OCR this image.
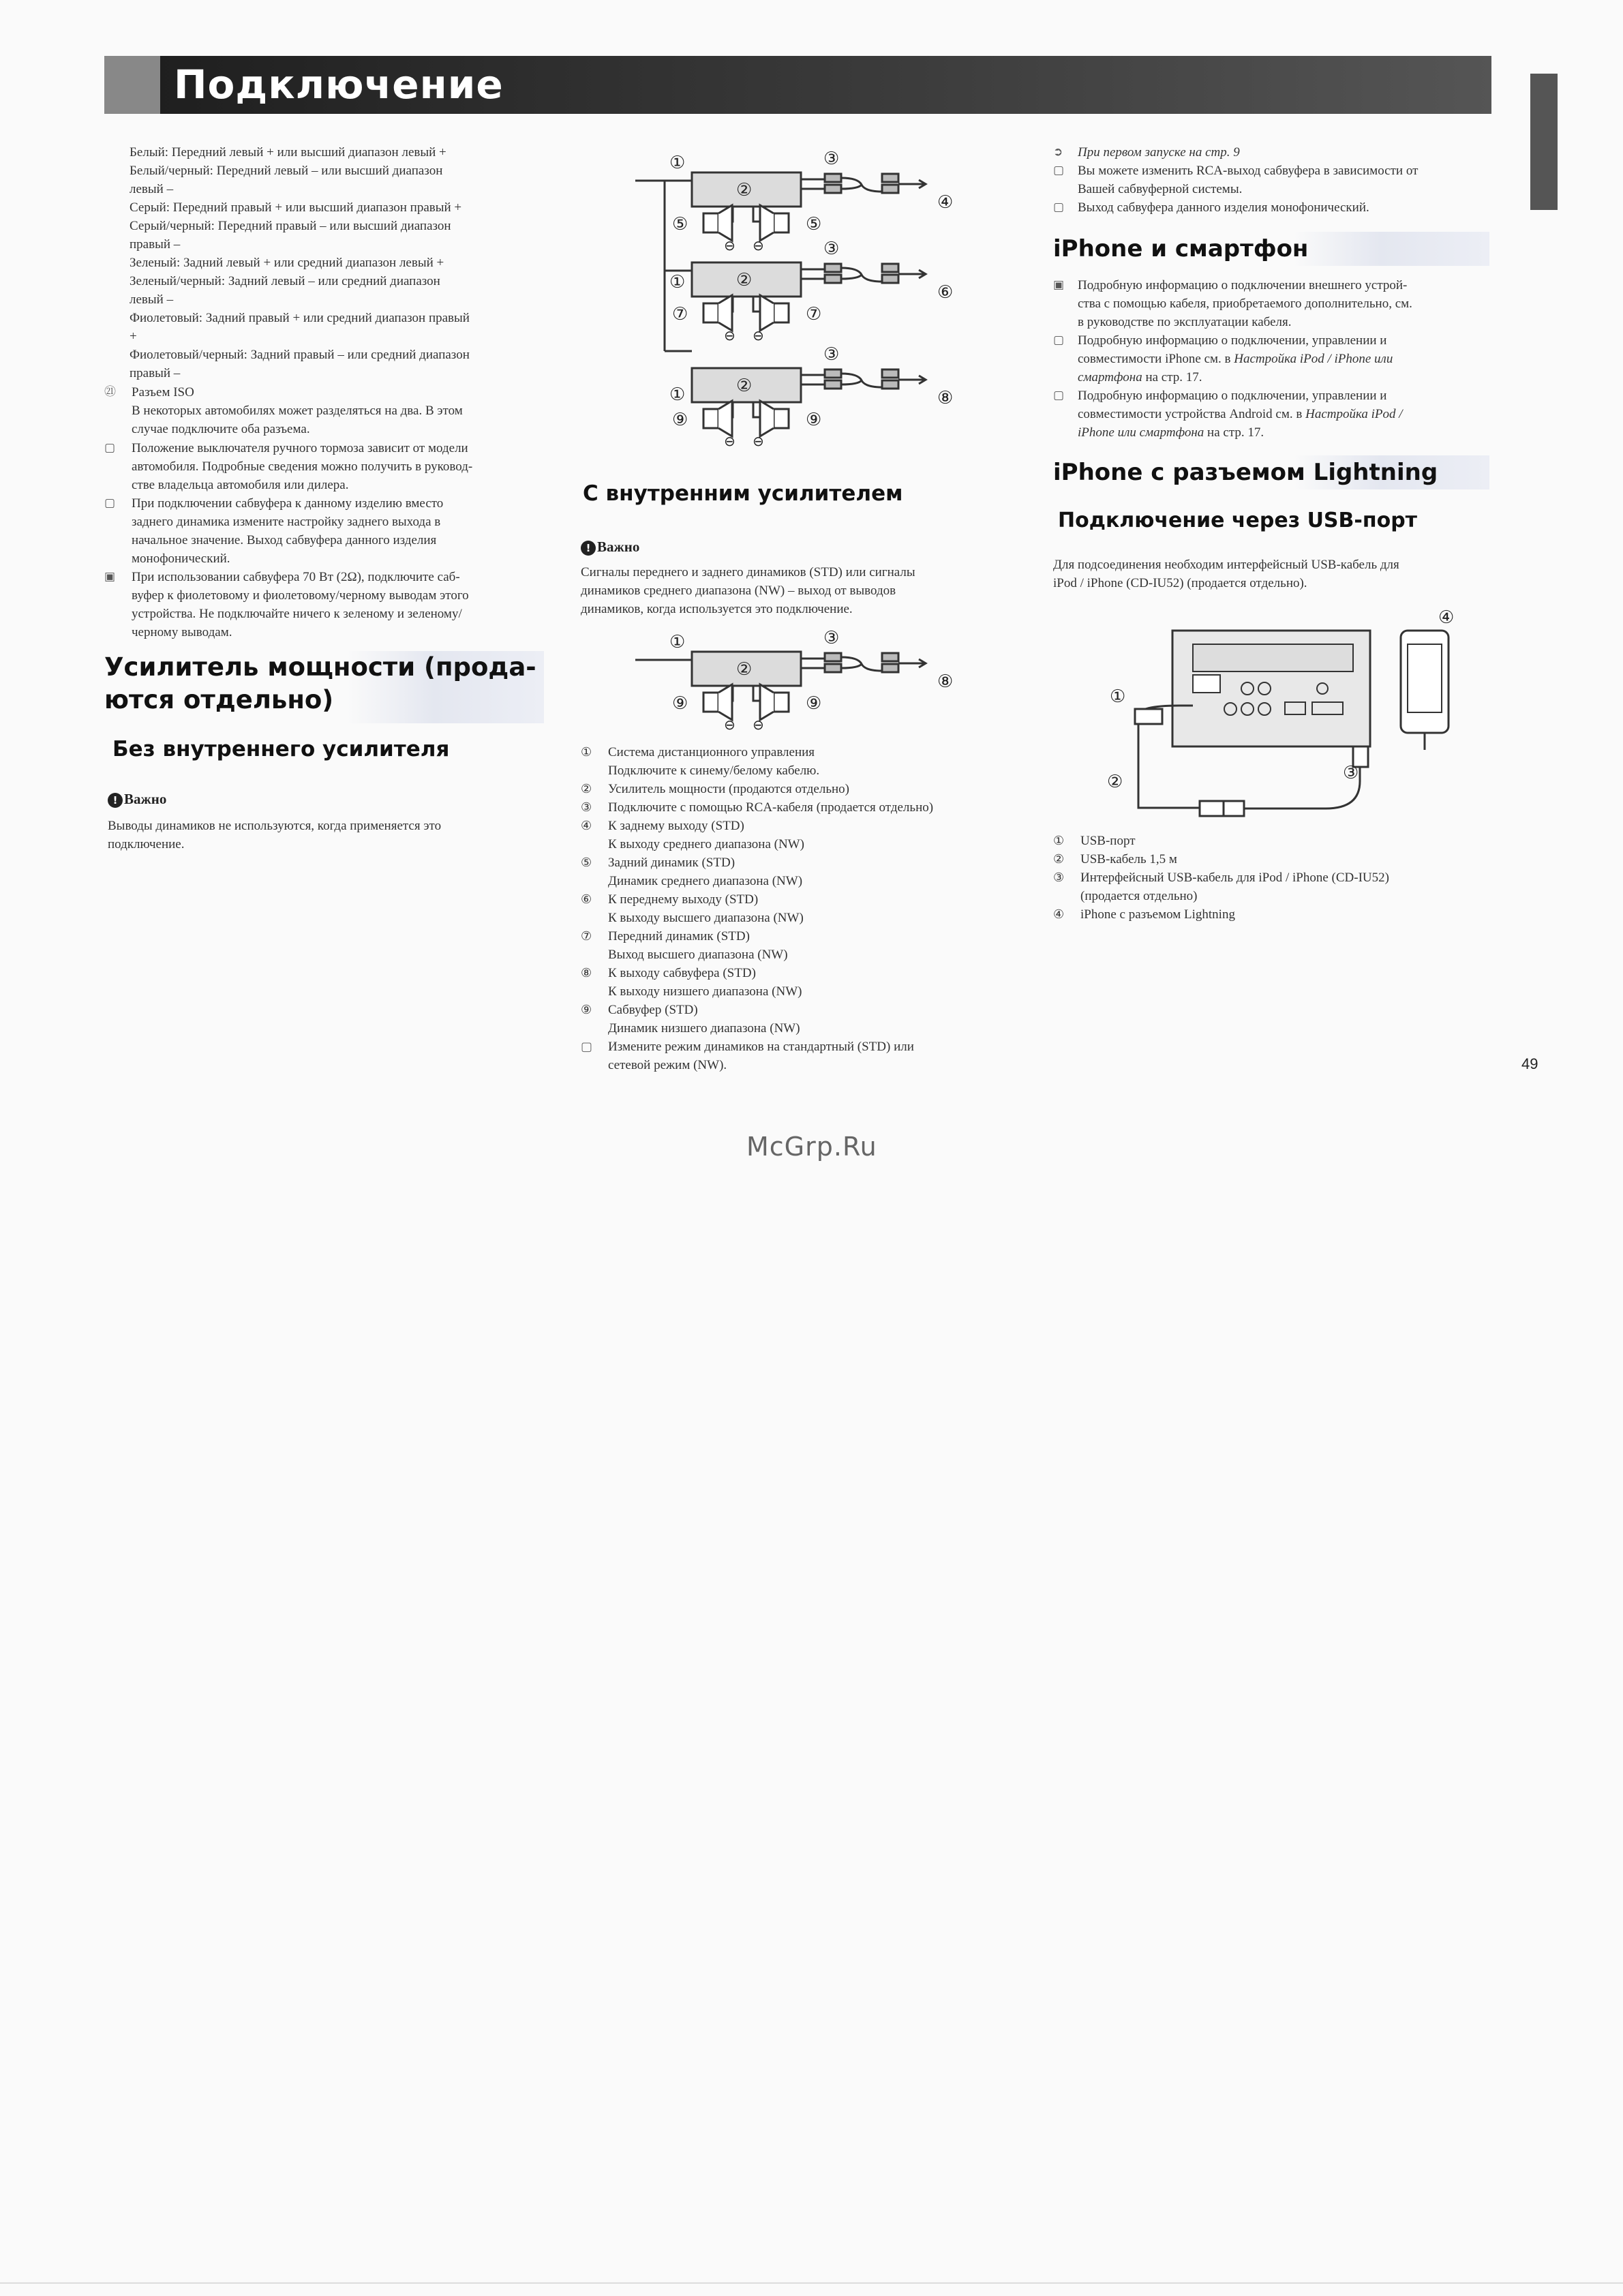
Подключение

Белый: Передний левый + или высший диапазон левый +

Белый/черный: Передний левый – или высший диапазон

левый –

Серый: Передний правый + или высший диапазон правый +

Серый/черный: Передний правый – или высший диапазон

правый –

Зеленый: Задний левый + или средний диапазон левый +

Зеленый/черный: Задний левый – или средний диапазон

левый –

Фиолетовый: Задний правый + или средний диапазон правый

+

Фиолетовый/черный: Задний правый – или средний диапазон

правый –

㉑ Разъем ISO

В некоторых автомобилях может разделяться на два. В этом

случае подключите оба разъема.

▢ Положение выключателя ручного тормоза зависит от модели

автомобиля. Подробные сведения можно получить в руковод-

стве владельца автомобиля или дилера.

▢ При подключении сабвуфера к данному изделию вместо

заднего динамика измените настройку заднего выхода в

начальное значение. Выход сабвуфера данного изделия

монофонический.

▣ При использовании сабвуфера 70 Вт (2Ω), подключите саб-

вуфер к фиолетовому и фиолетовому/черному выводам этого

устройства. Не подключайте ничего к зеленому и зеленому/

черному выводам.

Усилитель мощности (прода-
ются отдельно)
Без внутреннего усилителя
! Важно

Выводы динамиков не используются, когда применяется это

подключение.

①
②
③
④
⑤	⑤
⊖ ⊖
①	②
③
⑥
⑦	⑦
⊖ ⊖
①	②
③
⑧
⑨	⑨
⊖ ⊖
С внутренним усилителем
! Важно

Сигналы переднего и заднего динамиков (STD) или сигналы

динамиков среднего диапазона (NW) – выход от выводов

динамиков, когда используется это подключение.

①
②
③
⑧
⑨	⑨
⊖ ⊖
① Система дистанционного управления

Подключите к синему/белому кабелю.

② Усилитель мощности (продаются отдельно)

③ Подключите с помощью RCA-кабеля (продается отдельно)

④ К заднему выходу (STD)

К выходу среднего диапазона (NW)

⑤ Задний динамик (STD)

Динамик среднего диапазона (NW)

⑥ К переднему выходу (STD)

К выходу высшего диапазона (NW)

⑦ Передний динамик (STD)

Выход высшего диапазона (NW)

⑧ К выходу сабвуфера (STD)

К выходу низшего диапазона (NW)

⑨ Сабвуфер (STD)

Динамик низшего диапазона (NW)

▢ Измените режим динамиков на стандартный (STD) или

сетевой режим (NW).

➲ При первом запуске на стр. 9

▢ Вы можете изменить RCA-выход сабвуфера в зависимости от

Вашей сабвуферной системы.

▢ Выход сабвуфера данного изделия монофонический.

iPhone и смартфон
▣ Подробную информацию о подключении внешнего устрой-

ства с помощью кабеля, приобретаемого дополнительно, см.

в руководстве по эксплуатации кабеля.

▢ Подробную информацию о подключении, управлении и

совместимости iPhone см. в Настройка iPod / iPhone или

смартфона на стр. 17.

▢ Подробную информацию о подключении, управлении и

совместимости устройства Android см. в Настройка iPod /

iPhone или смартфона на стр. 17.

iPhone с разъемом Lightning
Подключение через USB-порт

Для подсоединения необходим интерфейсный USB-кабель для

iPod / iPhone (CD-IU52) (продается отдельно).

①
②	③
④
① USB-порт

② USB-кабель 1,5 м

③ Интерфейсный USB-кабель для iPod / iPhone (CD-IU52)

(продается отдельно)

④ iPhone с разъемом Lightning

49
McGrp.Ru
